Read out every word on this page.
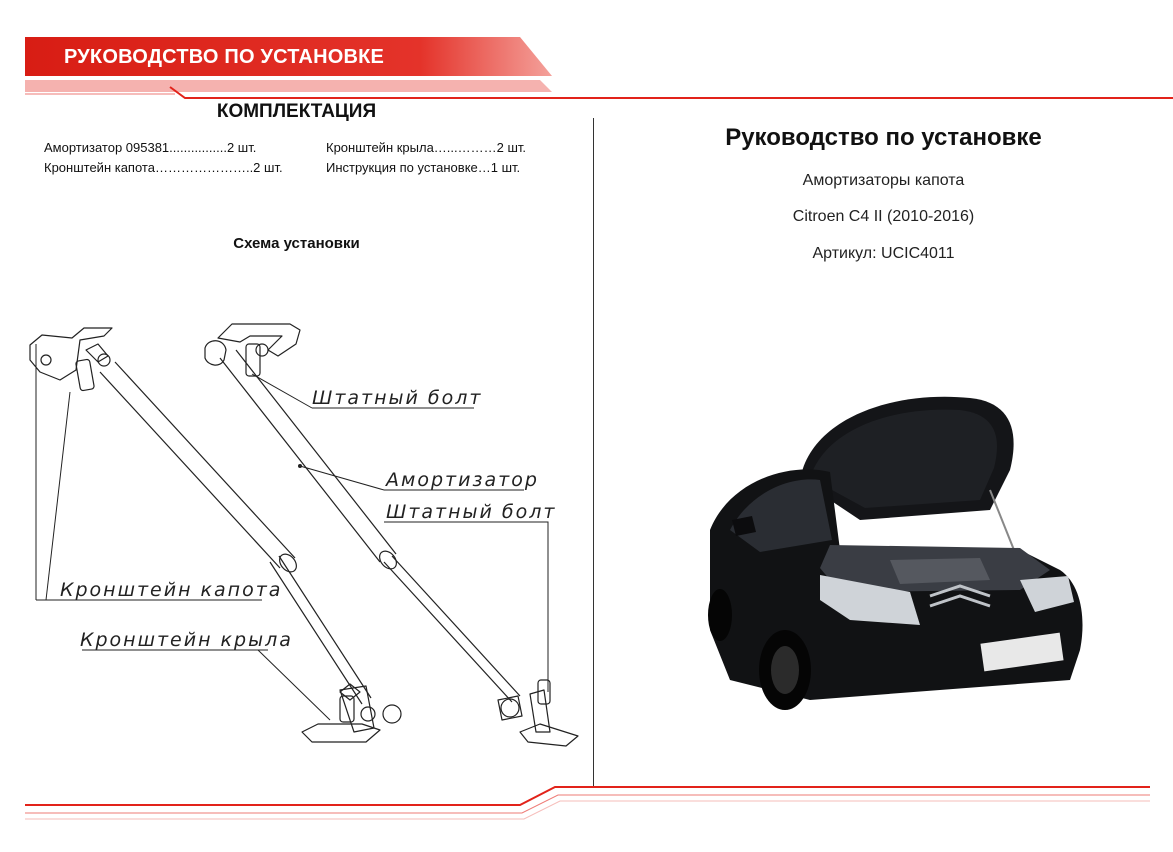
РУКОВОДСТВО ПО УСТАНОВКЕ
КОМПЛЕКТАЦИЯ
Амортизатор 095381................2 шт.
Кронштейн капота…………………..2 шт.
Кронштейн крыла…...………2 шт.
Инструкция по установке…1 шт.
Схема установки
Штатный болт
Амортизатор
Штатный болт
Кронштейн капота
Кронштейн крыла
Руководство по установке
Амортизаторы капота
Citroen C4 II (2010-2016)
Артикул: UCIC4011
